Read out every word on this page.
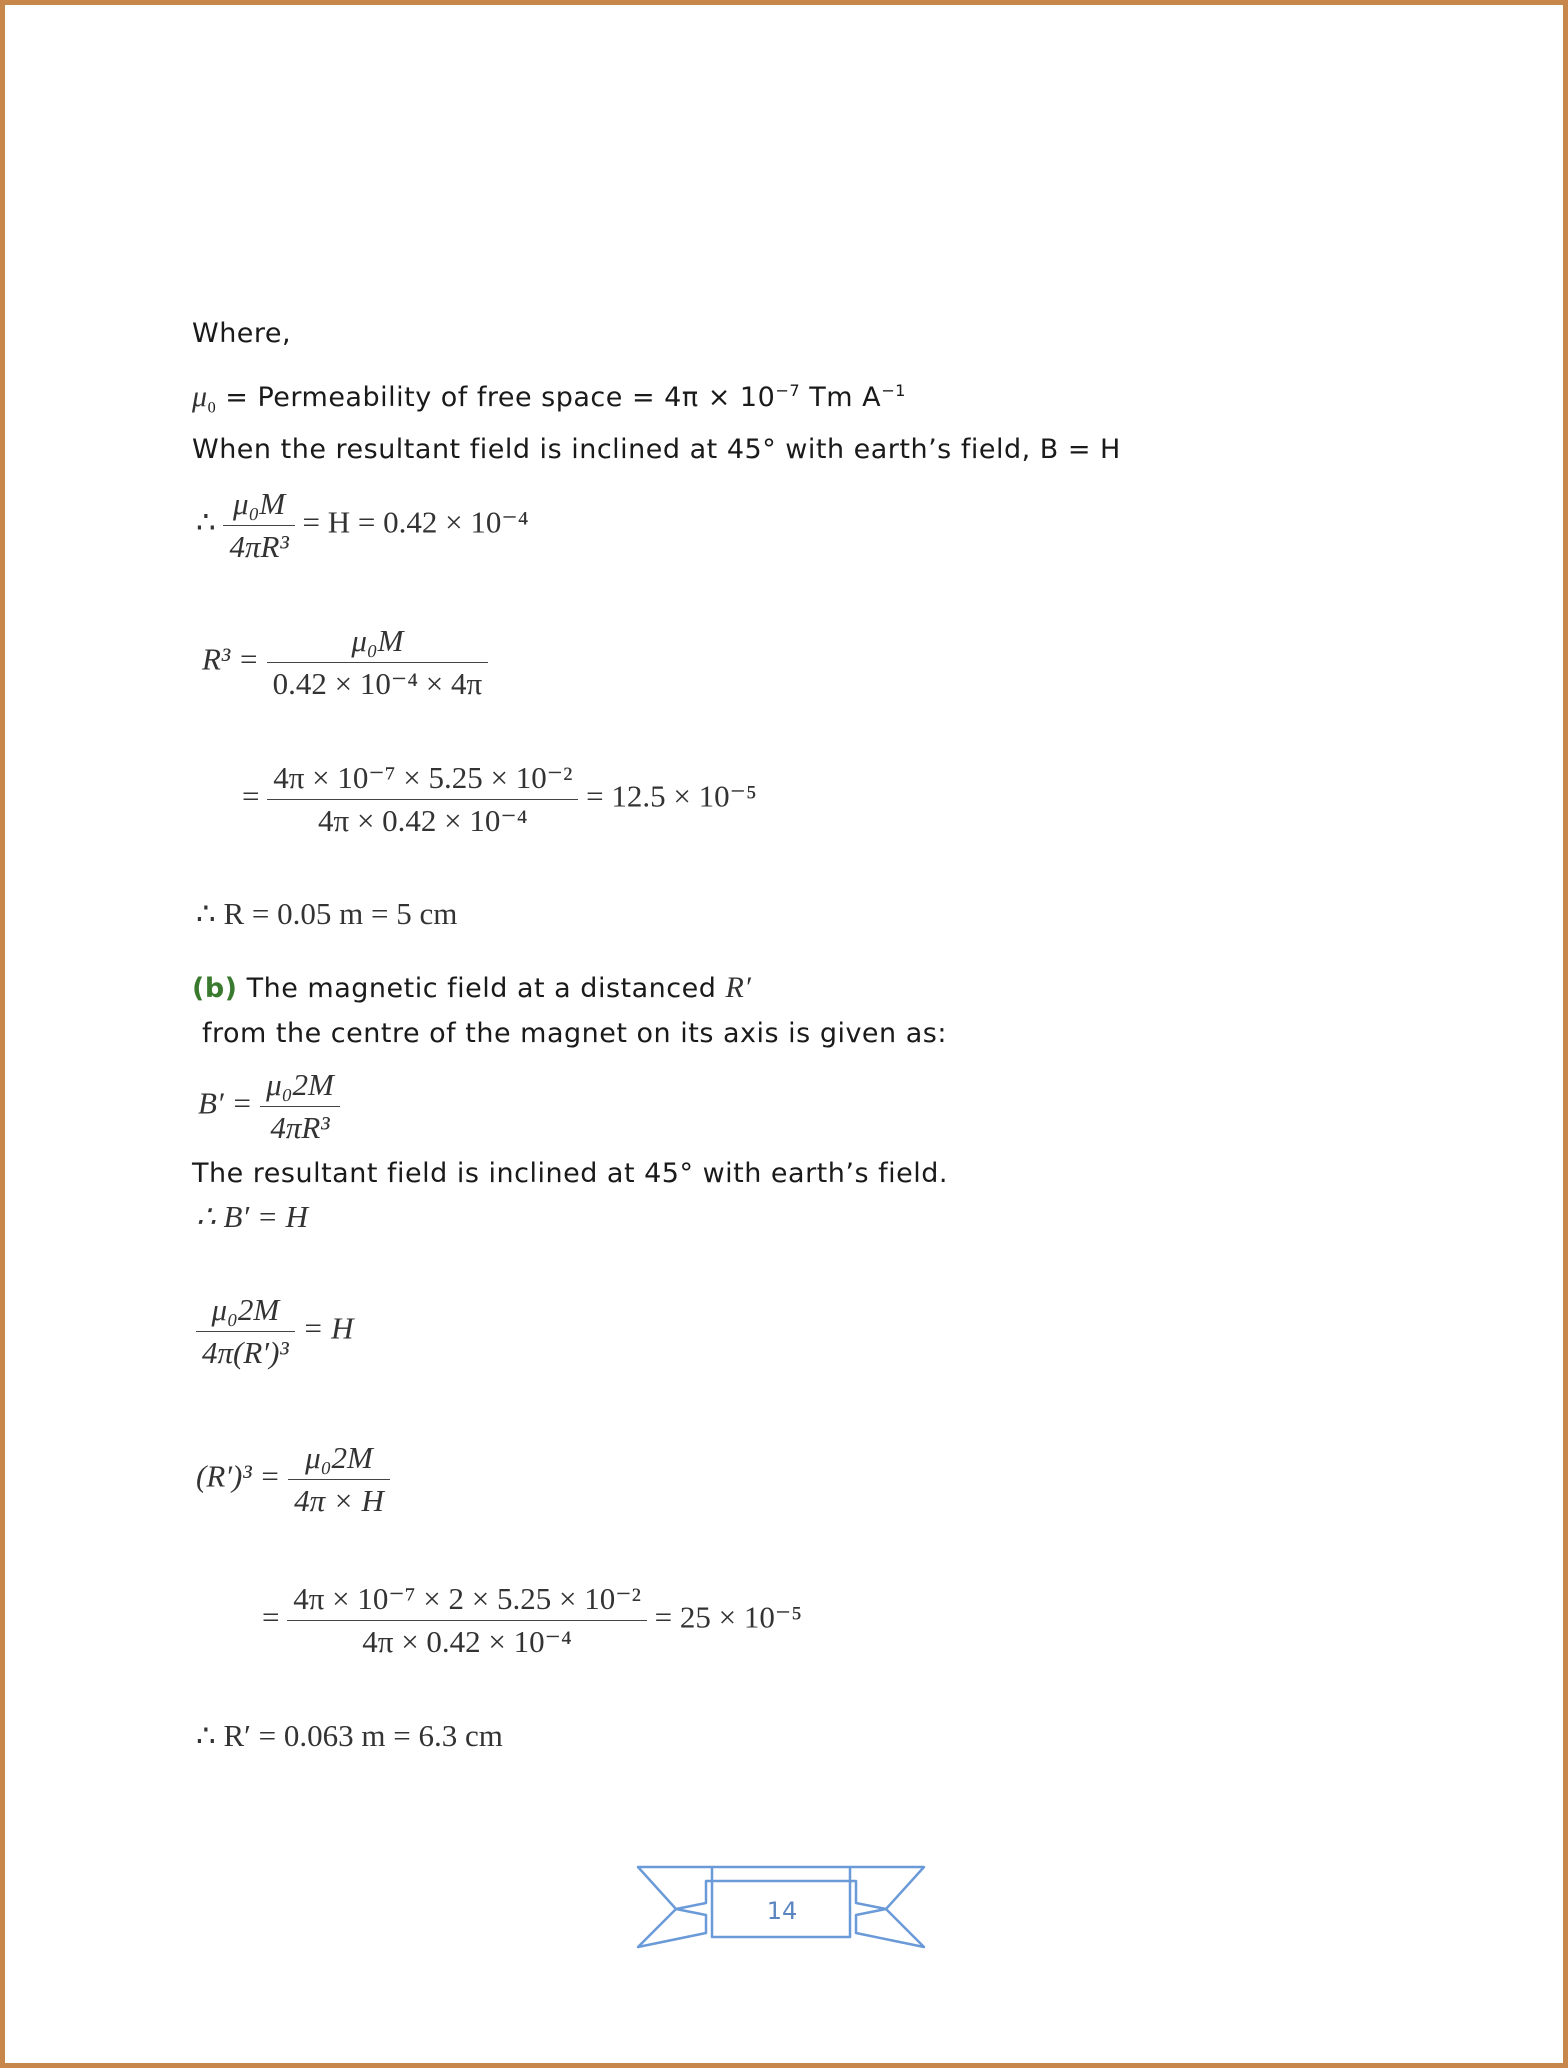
Where,
$\mu_0$ = Permeability of free space = $4\pi \times 10^{-7}$ Tm $A^{-1}$
When the resultant field is inclined at 45° with earth’s field, B = H
∴ $\frac{\text{μ₀M}}{\text{4πR³}} = H = 0.42 \times 10^{-4}$
$R^3 = \frac{\text{μ₀M}}{\text{0.42 × 10⁻⁴ × 4π}}$
= $\frac{\text{4π × 10⁻⁷ × 5.25 × 10⁻²}}{\text{4π × 0.42 × 10⁻⁴}} = 12.5 \times 10^{-5}$
∴ R = 0.05 m = 5 cm
(b) The magnetic field at a distanced R′
from the centre of the magnet on its axis is given as:
$B' = \frac{\text{μ₀2M}}{\text{4πR³}}$
The resultant field is inclined at 45° with earth’s field.
∴ B′ = H
$\frac{\text{μ₀2M}}{\text{4π(R′)³}} = H$
$(R')^3 = \frac{\text{μ₀2M}}{4\pi \times H}$
= $\frac{\text{4π × 10⁻⁷ × 2 × 5.25 × 10⁻²}}{\text{4π × 0.42 × 10⁻⁴}} = 25 \times 10^{-5}$
∴ R′ = 0.063 m = 6.3 cm
14
